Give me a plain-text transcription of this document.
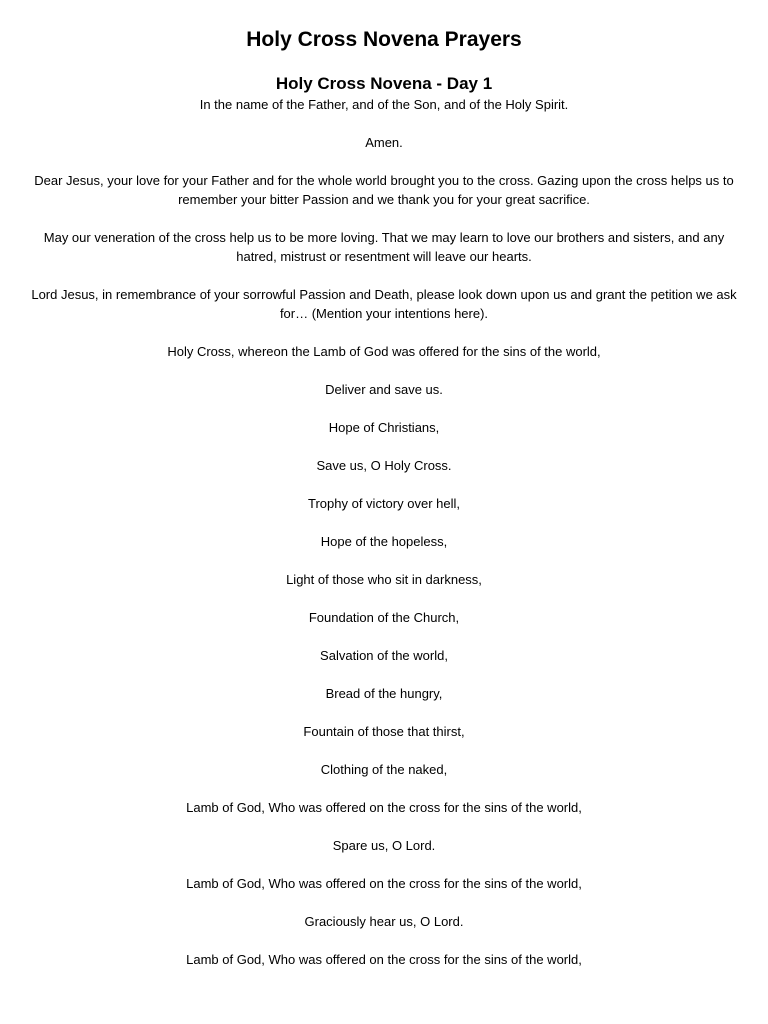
Holy Cross Novena Prayers
Holy Cross Novena - Day 1

In the name of the Father, and of the Son, and of the Holy Spirit.

Amen.

Dear Jesus, your love for your Father and for the whole world brought you to the cross. Gazing upon the cross helps us to remember your bitter Passion and we thank you for your great sacrifice.

May our veneration of the cross help us to be more loving. That we may learn to love our brothers and sisters, and any hatred, mistrust or resentment will leave our hearts.

Lord Jesus, in remembrance of your sorrowful Passion and Death, please look down upon us and grant the petition we ask for… (Mention your intentions here).

Holy Cross, whereon the Lamb of God was offered for the sins of the world,

Deliver and save us.

Hope of Christians,

Save us, O Holy Cross.

Trophy of victory over hell,

Hope of the hopeless,

Light of those who sit in darkness,

Foundation of the Church,

Salvation of the world,

Bread of the hungry,

Fountain of those that thirst,

Clothing of the naked,

Lamb of God, Who was offered on the cross for the sins of the world,

Spare us, O Lord.

Lamb of God, Who was offered on the cross for the sins of the world,

Graciously hear us, O Lord.

Lamb of God, Who was offered on the cross for the sins of the world,
